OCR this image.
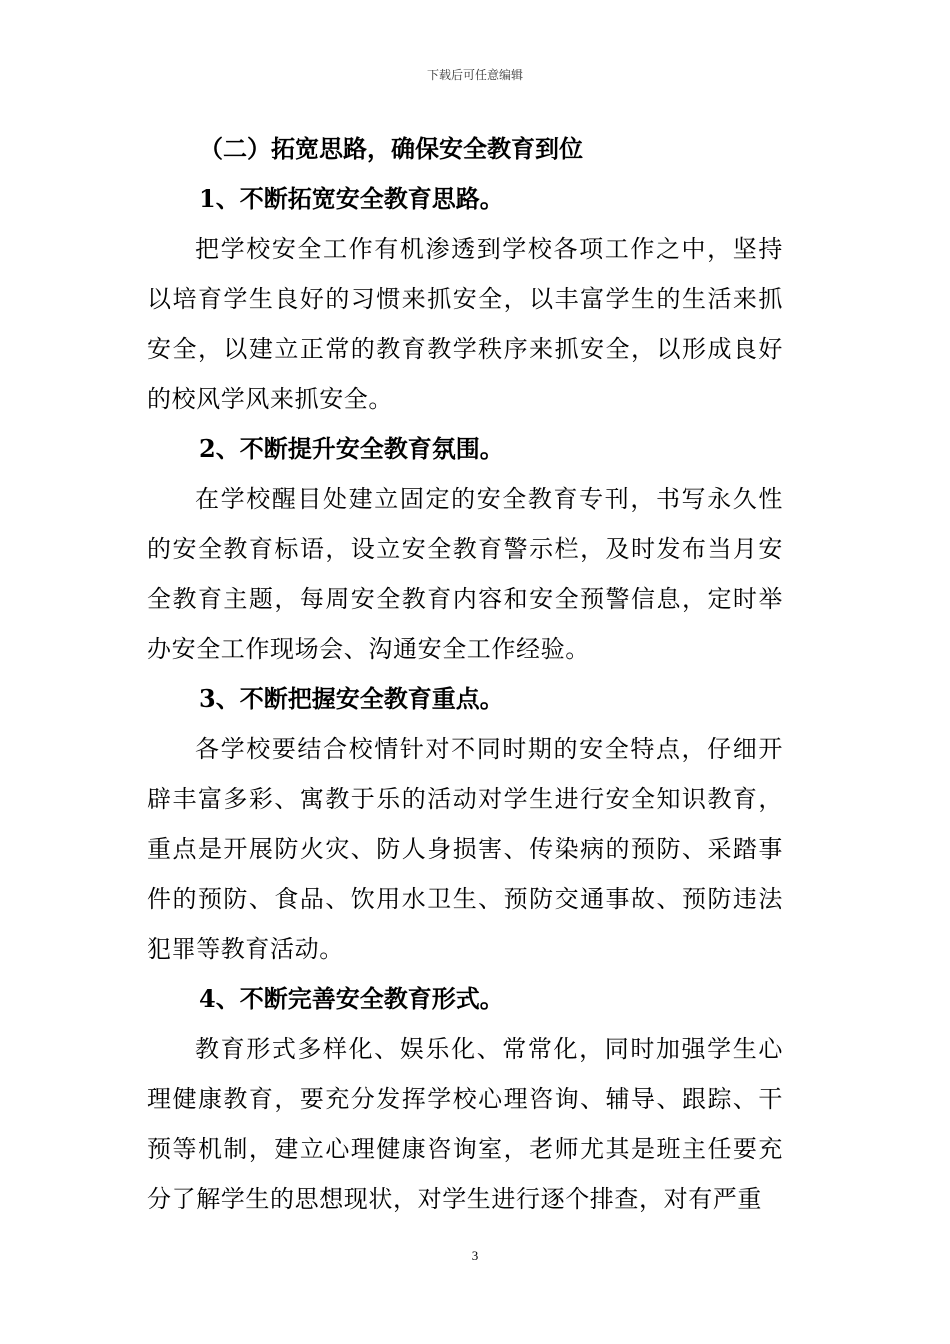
下载后可任意编辑
（二）拓宽思路，确保安全教育到位
1、不断拓宽安全教育思路。

把学校安全工作有机渗透到学校各项工作之中，坚持以培育学生良好的习惯来抓安全，以丰富学生的生活来抓安全，以建立正常的教育教学秩序来抓安全，以形成良好的校风学风来抓安全。

2、不断提升安全教育氛围。

在学校醒目处建立固定的安全教育专刊，书写永久性的安全教育标语，设立安全教育警示栏，及时发布当月安全教育主题，每周安全教育内容和安全预警信息，定时举办安全工作现场会、沟通安全工作经验。

3、不断把握安全教育重点。

各学校要结合校情针对不同时期的安全特点，仔细开辟丰富多彩、寓教于乐的活动对学生进行安全知识教育，重点是开展防火灾、防人身损害、传染病的预防、采踏事件的预防、食品、饮用水卫生、预防交通事故、预防违法犯罪等教育活动。

4、不断完善安全教育形式。

教育形式多样化、娱乐化、常常化，同时加强学生心理健康教育，要充分发挥学校心理咨询、辅导、跟踪、干预等机制，建立心理健康咨询室，老师尤其是班主任要充分了解学生的思想现状，对学生进行逐个排查，对有严重

3
